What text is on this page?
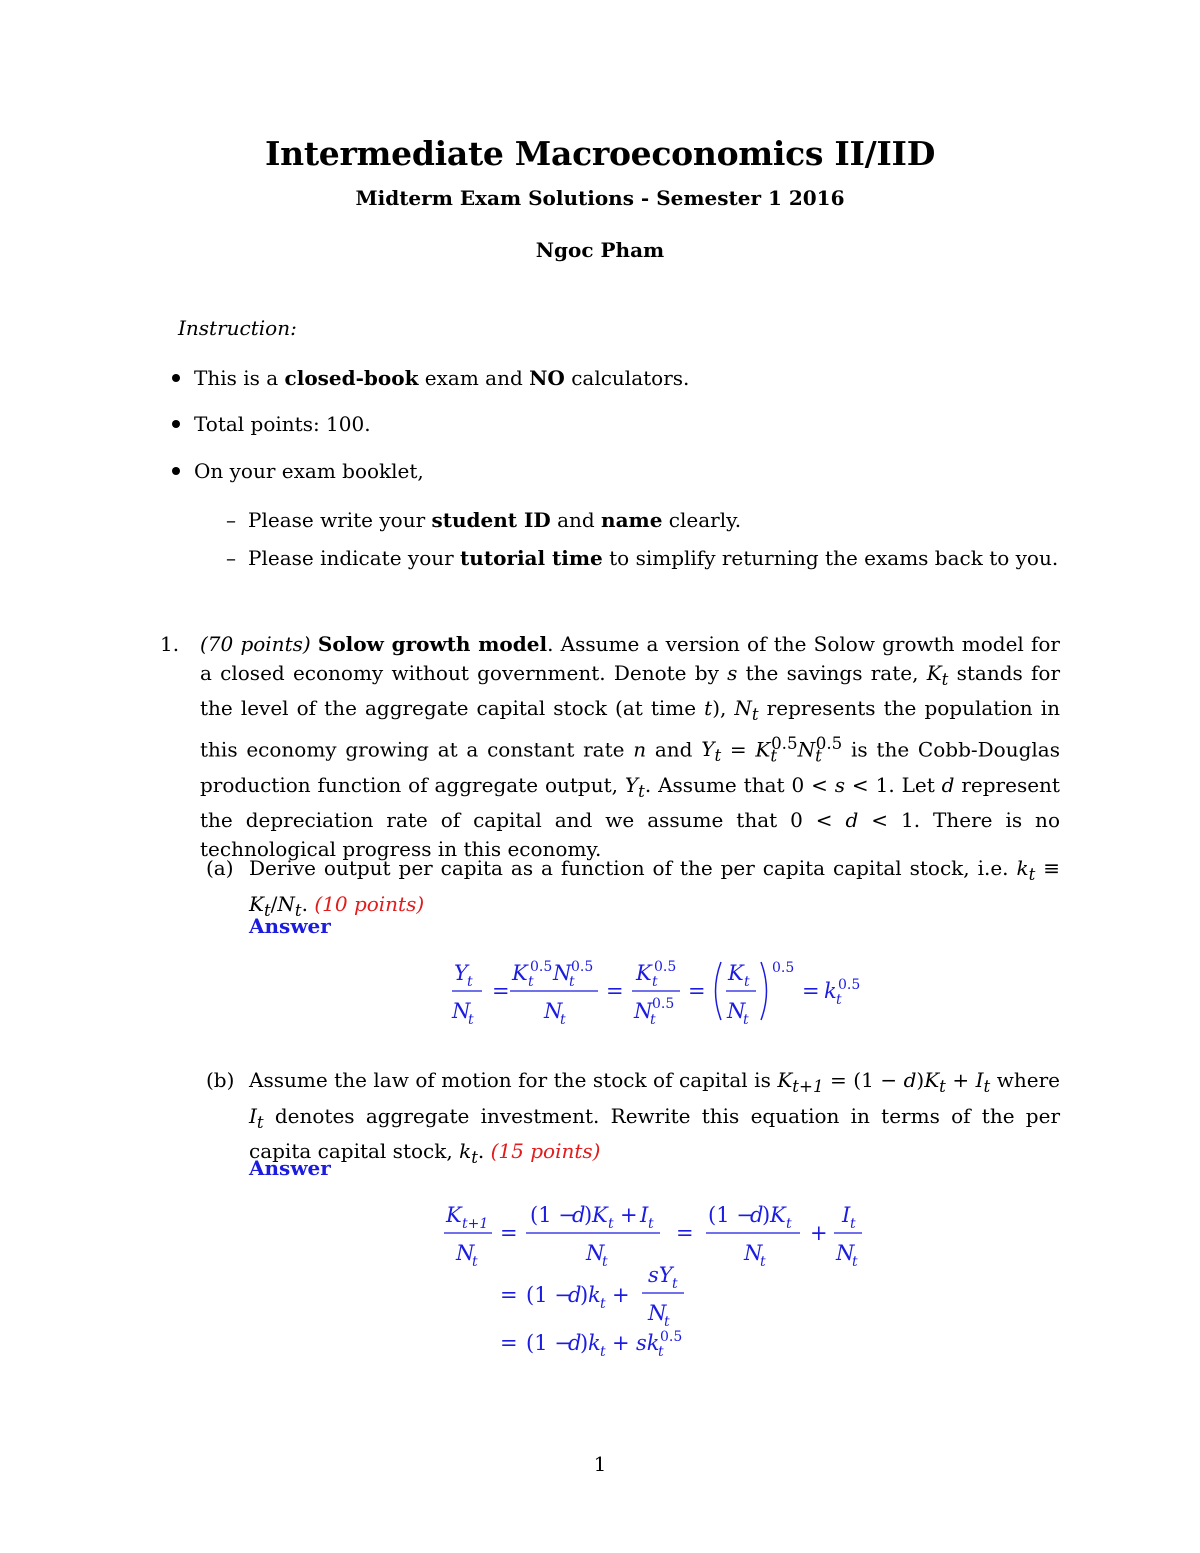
Intermediate Macroeconomics II/IID
Midterm Exam Solutions - Semester 1 2016
Ngoc Pham
Instruction:
This is a closed-book exam and NO calculators.
Total points: 100.
On your exam booklet,
– Please write your student ID and name clearly.
– Please indicate your tutorial time to simplify returning the exams back to you.
1. (70 points) Solow growth model. Assume a version of the Solow growth model for a closed economy without government. Denote by s the savings rate, $K_t$ stands for the level of the aggregate capital stock (at time t), $N_t$ represents the population in this economy growing at a constant rate n and $Y_t = K_t^{0.5}N_t^{0.5}$ is the Cobb-Douglas production function of aggregate output, $Y_t$. Assume that 0 < s < 1. Let d represent the depreciation rate of capital and we assume that 0 < d < 1. There is no technological progress in this economy.
(a) Derive output per capita as a function of the per capita capital stock, i.e. $k_t \equiv K_t/N_t$. (10 points)
Answer
Y t
N
t
=
K t
0.5 N
t
0.5
N
t
=
K t
0.5
N
t
0.5
=
K t
N
t
0.5
= k t
0.5
(b) Assume the law of motion for the stock of capital is $K_{t+1} = (1 - d)K_t + I_t$ where $I_t$ denotes aggregate investment. Rewrite this equation in terms of the per capita capital stock, $k_t$. (15 points)
Answer
K t+1
N
t
=
(1 −
d
) K t + I t
N
t
=
(1 −
d
) K t
N
t
+
I t
N
t
= (1 −
d
) k t +
sY t
N
t
= (1 −
d
) k t + sk
t
0.5
1
